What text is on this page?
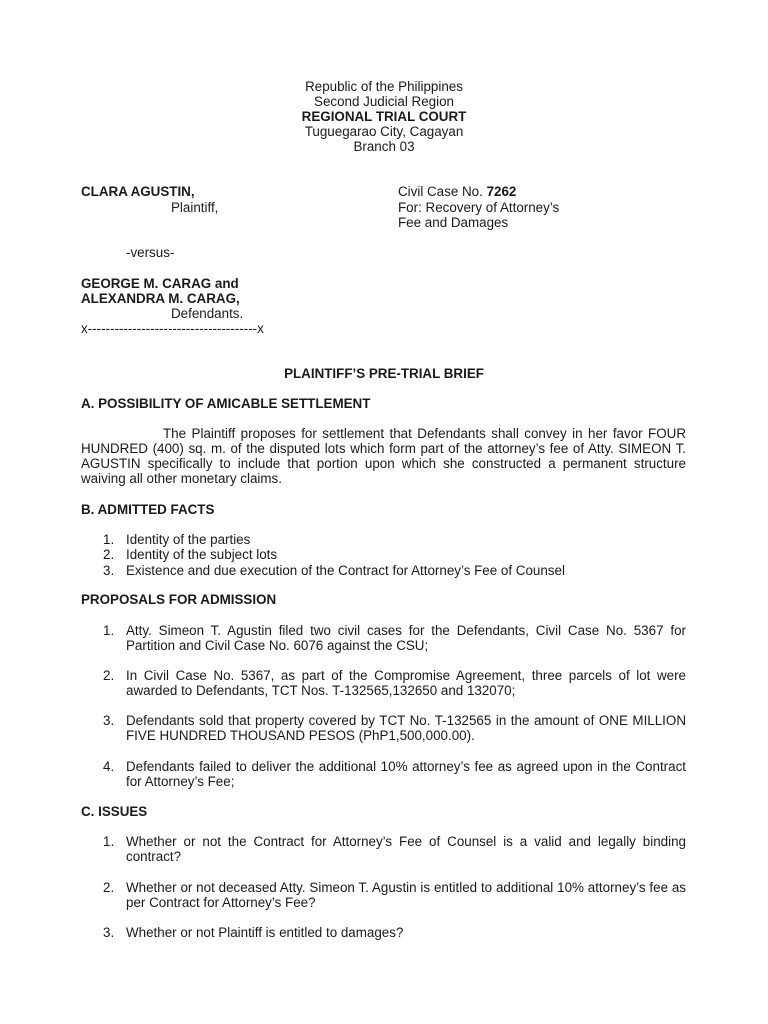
Republic of the Philippines
Second Judicial Region
REGIONAL TRIAL COURT
Tuguegarao City, Cagayan
Branch 03
CLARA AGUSTIN,
Plaintiff,
Civil Case No. 7262
For: Recovery of Attorney’s
Fee and Damages
-versus-
GEORGE M. CARAG and
ALEXANDRA M. CARAG,
Defendants.
x--------------------------------------x
PLAINTIFF’S PRE-TRIAL BRIEF
A. POSSIBILITY OF AMICABLE SETTLEMENT
The Plaintiff proposes for settlement that Defendants shall convey in her favor FOUR HUNDRED (400) sq. m. of the disputed lots which form part of the attorney’s fee of Atty. SIMEON T. AGUSTIN specifically to include that portion upon which she constructed a permanent structure waiving all other monetary claims.
B. ADMITTED FACTS
1. Identity of the parties
2. Identity of the subject lots
3. Existence and due execution of the Contract for Attorney’s Fee of Counsel
PROPOSALS FOR ADMISSION
1. Atty. Simeon T. Agustin filed two civil cases for the Defendants, Civil Case No. 5367 for Partition and Civil Case No. 6076 against the CSU;
2. In Civil Case No. 5367, as part of the Compromise Agreement, three parcels of lot were awarded to Defendants, TCT Nos. T-132565,132650 and 132070;
3. Defendants sold that property covered by TCT No. T-132565 in the amount of ONE MILLION FIVE HUNDRED THOUSAND PESOS (PhP1,500,000.00).
4. Defendants failed to deliver the additional 10% attorney’s fee as agreed upon in the Contract for Attorney’s Fee;
C. ISSUES
1. Whether or not the Contract for Attorney’s Fee of Counsel is a valid and legally binding contract?
2. Whether or not deceased Atty. Simeon T. Agustin is entitled to additional 10% attorney’s fee as per Contract for Attorney’s Fee?
3. Whether or not Plaintiff is entitled to damages?
